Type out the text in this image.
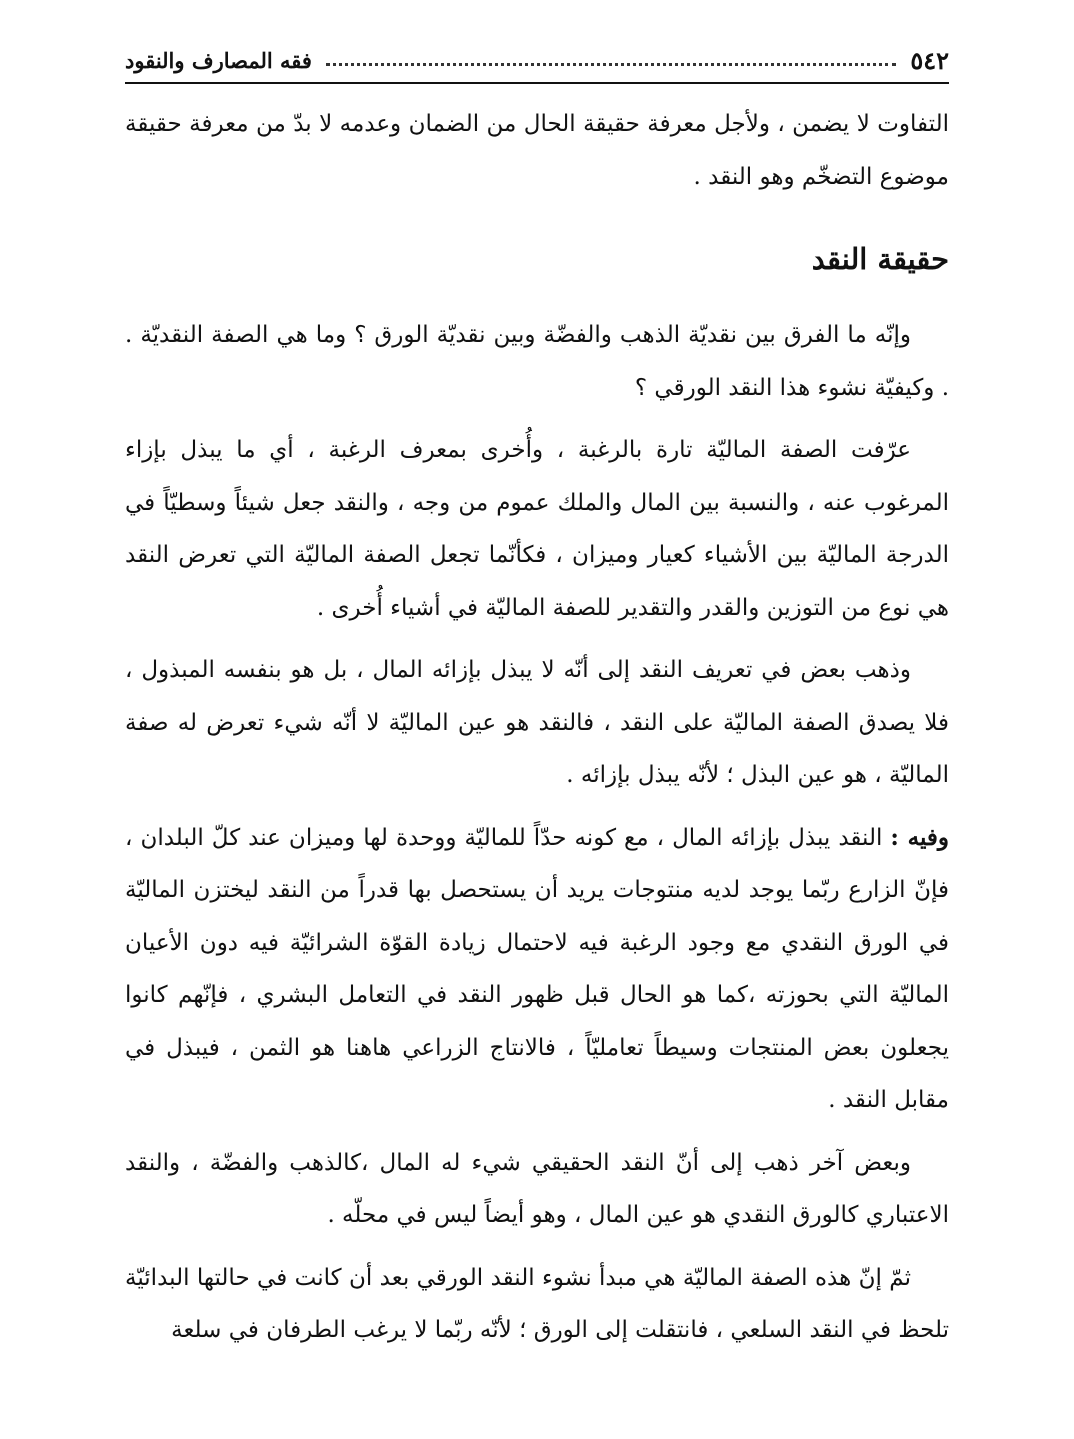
٥٤٢
فقه المصارف والنقود

التفاوت لا يضمن ، ولأجل معرفة حقيقة الحال من الضمان وعدمه لا بدّ من معرفة حقيقة موضوع التضخّم وهو النقد .

حقيقة النقد

وإنّه ما الفرق بين نقديّة الذهب والفضّة وبين نقديّة الورق ؟ وما هي الصفة النقديّة . . وكيفيّة نشوء هذا النقد الورقي ؟

عرّفت الصفة الماليّة تارة بالرغبة ، وأُخرى بمعرف الرغبة ، أي ما يبذل بإزاء المرغوب عنه ، والنسبة بين المال والملك عموم من وجه ، والنقد جعل شيئاً وسطيّاً في الدرجة الماليّة بين الأشياء كعيار وميزان ، فكأنّما تجعل الصفة الماليّة التي تعرض النقد هي نوع من التوزين والقدر والتقدير للصفة الماليّة في أشياء أُخرى .

وذهب بعض في تعريف النقد إلى أنّه لا يبذل بإزائه المال ، بل هو بنفسه المبذول ، فلا يصدق الصفة الماليّة على النقد ، فالنقد هو عين الماليّة لا أنّه شيء تعرض له صفة الماليّة ، هو عين البذل ؛ لأنّه يبذل بإزائه .

وفيه : النقد يبذل بإزائه المال ، مع كونه حدّاً للماليّة ووحدة لها وميزان عند كلّ البلدان ، فإنّ الزارع ربّما يوجد لديه منتوجات يريد أن يستحصل بها قدراً من النقد ليختزن الماليّة في الورق النقدي مع وجود الرغبة فيه لاحتمال زيادة القوّة الشرائيّة فيه دون الأعيان الماليّة التي بحوزته ،كما هو الحال قبل ظهور النقد في التعامل البشري ، فإنّهم كانوا يجعلون بعض المنتجات وسيطاً تعامليّاً ، فالانتاج الزراعي هاهنا هو الثمن ، فيبذل في مقابل النقد .

وبعض آخر ذهب إلى أنّ النقد الحقيقي شيء له المال ،كالذهب والفضّة ، والنقد الاعتباري كالورق النقدي هو عين المال ، وهو أيضاً ليس في محلّه .

ثمّ إنّ هذه الصفة الماليّة هي مبدأ نشوء النقد الورقي بعد أن كانت في حالتها البدائيّة تلحظ في النقد السلعي ، فانتقلت إلى الورق ؛ لأنّه ربّما لا يرغب الطرفان في سلعة
